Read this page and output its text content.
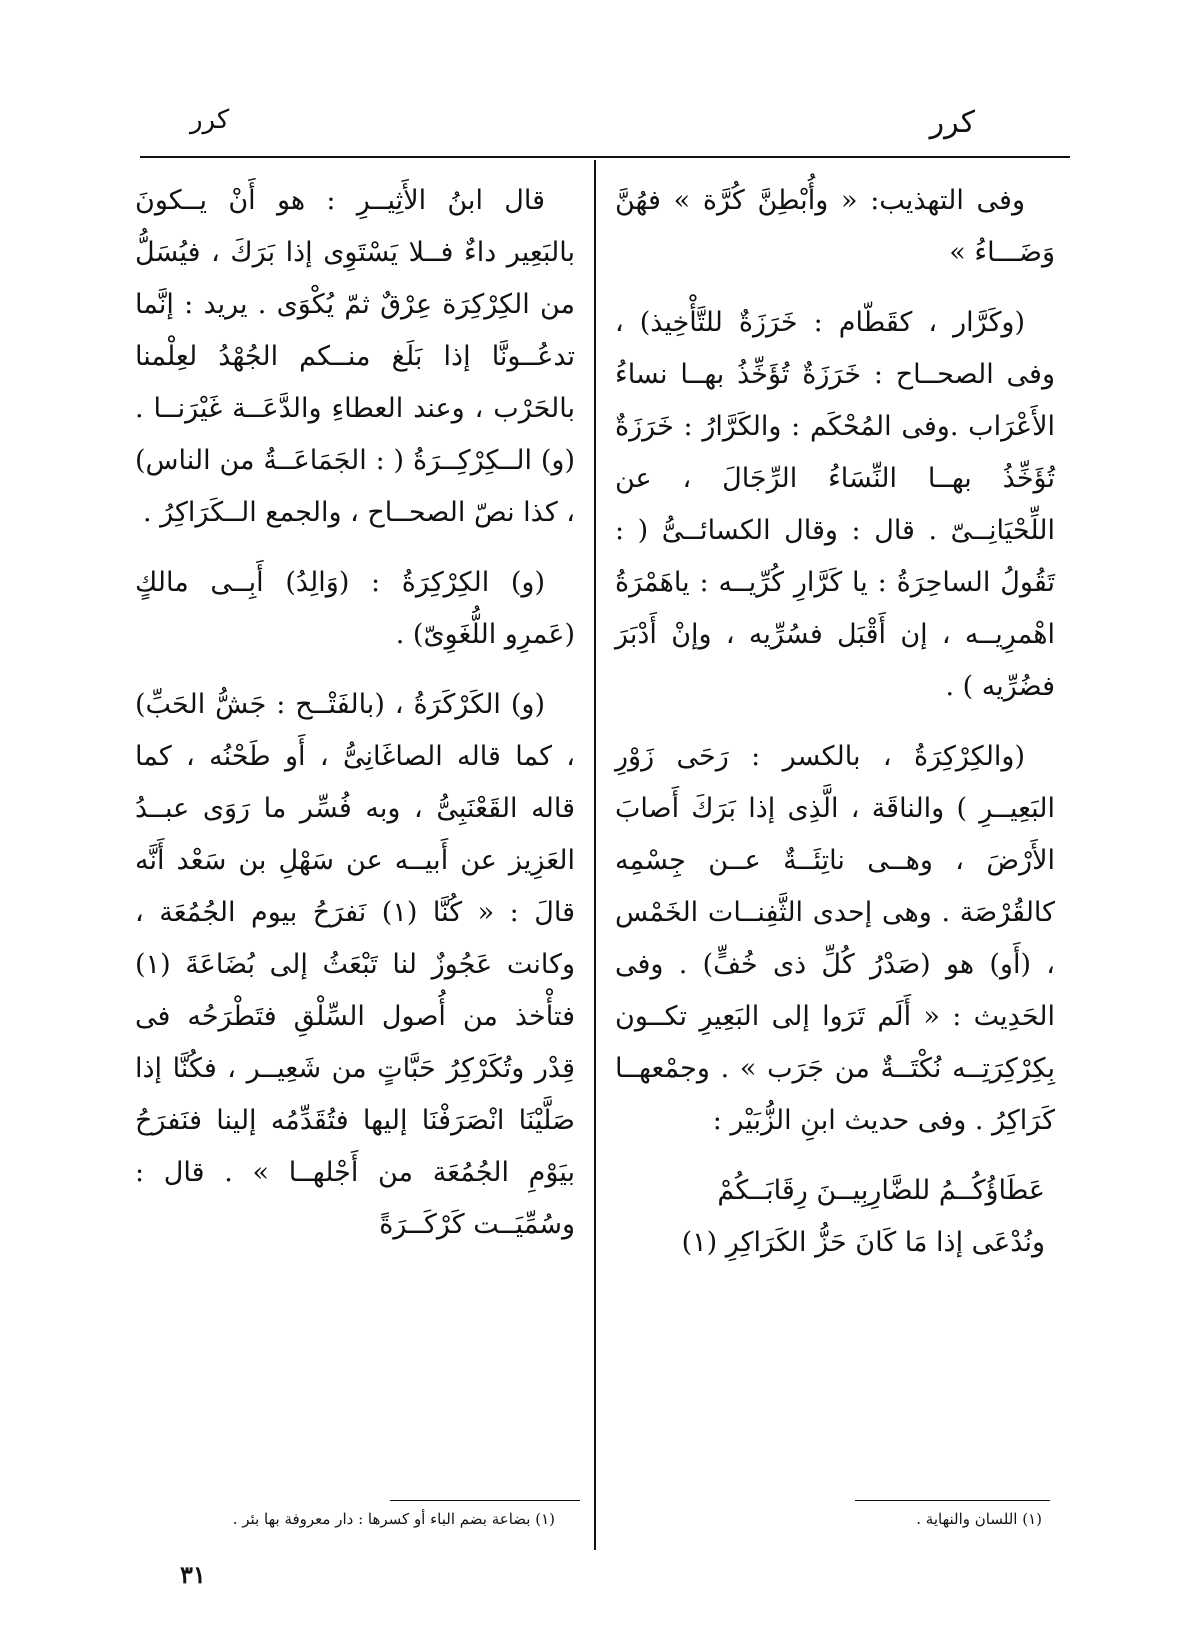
كرر
كرر

وفى التهذيب: « وأُبْطِنَّ كُرَّة » فهُنَّ وَضَـــاءُ »

(وكَرَّار ، كقَطّام : خَرَزَةٌ للتَّأْخِيذ) ، وفى الصحــاح : خَرَزَةٌ تُؤَخِّذُ بهــا نساءُ الأَعْرَاب .وفى المُحْكَم : والكَرَّارُ : خَرَزَةٌ تُؤَخِّذُ بهــا النِّسَاءُ الرِّجَالَ ، عن اللِّحْيَانِــىّ . قال : وقال الكسائــىُّ ( : تَقُولُ الساحِرَةُ : يا كَرَّارِ كُرِّيــه : ياهَمْرَةُ اهْمرِيــه ، إن أَقْبَل فسُرِّيه ، وإنْ أَدْبَرَ فضُرِّيه ) .

(والكِرْكِرَةُ ، بالكسر : رَحَى زَوْرِ البَعِيــرِ ) والناقَة ، الَّذِى إذا بَرَكَ أَصابَ الأَرْضَ ، وهــى ناتِئَــةٌ عــن جِسْمِه كالقُرْصَة . وهى إحدى الثَّفِنــات الخَمْس ، (أَو) هو (صَدْرُ كُلِّ ذى خُفٍّ) . وفى الحَدِيث : « أَلَم تَرَوا إلى البَعِيرِ تكــون بِكِرْكِرَتِــه نُكْتَــةٌ من جَرَب » . وجمْعهــا كَرَاكِرُ . وفى حديث ابنِ الزُّبَيْر :

عَطَاؤُكُــمُ للضَّارِبِيــنَ رِقَابَــكُمْ

ونُدْعَى إذا مَا كَانَ حَزُّ الكَرَاكِرِ (١)

قال ابنُ الأَثِيــرِ : هو أَنْ يــكونَ بالبَعِير داءٌ فــلا يَسْتَوِى إذا بَرَكَ ، فيُسَلُّ من الكِرْكِرَة عِرْقٌ ثمّ يُكْوَى . يريد : إنَّما تدعُــونَّا إذا بَلَغ منــكم الجُهْدُ لعِلْمنا بالحَرْب ، وعند العطاءِ والدَّعَــة غَيْرَنــا . (و) الــكِرْكِــرَةُ ( : الجَمَاعَــةُ من الناس) ، كذا نصّ الصحــاح ، والجمع الــكَرَاكِرُ .

(و) الكِرْكِرَةُ : (وَالِدُ) أَبِــى مالكٍ (عَمرِو اللُّغَوِىّ) .

(و) الكَرْكَرَةُ ، (بالفَتْــح : جَشُّ الحَبِّ) ، كما قاله الصاغَانِىُّ ، أَو طَحْنُه ، كما قاله القَعْنَبِىُّ ، وبه فُسِّر ما رَوَى عبــدُ العَزِيز عن أَبيــه عن سَهْلِ بن سَعْد أَنَّه قالَ : « كُنَّا (١) نَفرَحُ بيوم الجُمُعَة ، وكانت عَجُوزٌ لنا تَبْعَثُ إلى بُضَاعَةَ (١) فتأْخذ من أُصول السِّلْقِ فتَطْرَحُه فى قِدْر وتُكَرْكِرُ حَبَّاتٍ من شَعِيــر ، فكُنَّا إذا صَلَّيْنَا انْصَرَفْنَا إليها فتُقَدِّمُه إلينا فنَفرَحُ بيَوْمِ الجُمُعَة من أَجْلهــا » . قال : وسُمِّيَــت كَرْكَــرَةً

(١) اللسان والنهاية .
(١) بضاعة بضم الباء أو كسرها : دار معروفة بها بئر .
٣١
